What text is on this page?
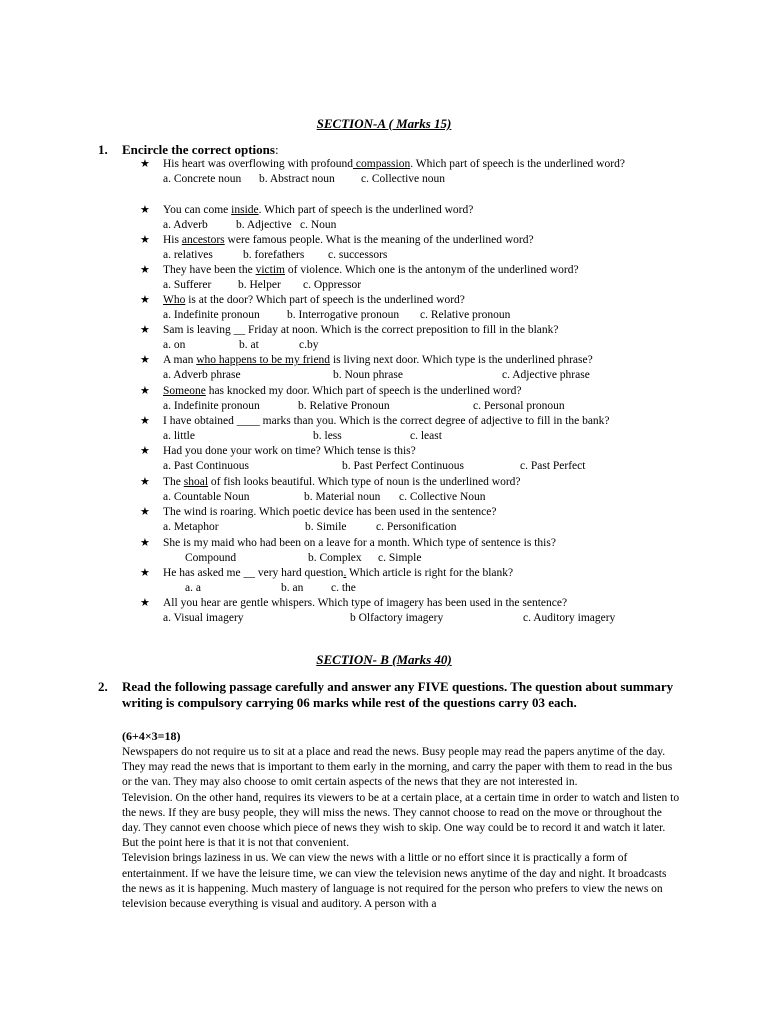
SECTION-A ( Marks 15)
1. Encircle the correct options:
★ His heart was overflowing with profound compassion. Which part of speech is the underlined word?
a. Concrete noun b. Abstract noun c. Collective noun
★ You can come inside. Which part of speech is the underlined word?
a. Adverb b. Adjective c. Noun
★ His ancestors were famous people. What is the meaning of the underlined word?
a. relatives	b. forefathers c. successors
★ They have been the victim of violence. Which one is the antonym of the underlined word?
a. Sufferer b. Helper c. Oppressor
★ Who is at the door? Which part of speech is the underlined word?
a. Indefinite pronoun b. Interrogative pronoun c. Relative pronoun
★ Sam is leaving __ Friday at noon. Which is the correct preposition to fill in the blank?
a. on	b. at	c.by
★ A man who happens to be my friend is living next door. Which type is the underlined phrase?
a. Adverb phrase	b. Noun phrase	c. Adjective phrase
★ Someone has knocked my door. Which part of speech is the underlined word?
a. Indefinite pronoun	b. Relative Pronoun	c. Personal pronoun
★ I have obtained ____ marks than you. Which is the correct degree of adjective to fill in the bank?
a. little	b. less	c. least
★ Had you done your work on time? Which tense is this?
a. Past Continuous	b. Past Perfect Continuous	c. Past Perfect
★ The shoal of fish looks beautiful. Which type of noun is the underlined word?
a. Countable Noun	b. Material noun c. Collective Noun
★ The wind is roaring. Which poetic device has been used in the sentence?
a. Metaphor	b. Simile	c. Personification
★ She is my maid who had been on a leave for a month. Which type of sentence is this?
Compound	b. Complex c. Simple
★ He has asked me __ very hard question. Which article is right for the blank?
a. a	b. an c. the
★ All you hear are gentle whispers. Which type of imagery has been used in the sentence?
a. Visual imagery	b Olfactory imagery	c. Auditory imagery
SECTION- B (Marks 40)
2. Read the following passage carefully and answer any FIVE questions. The question about summary writing is compulsory carrying 06 marks while rest of the questions carry 03 each.
(6+4×3=18)

Newspapers do not require us to sit at a place and read the news. Busy people may read the papers anytime of the day. They may read the news that is important to them early in the morning, and carry the paper with them to read in the bus or the van. They may also choose to omit certain aspects of the news that they are not interested in.

Television. On the other hand, requires its viewers to be at a certain place, at a certain time in order to watch and listen to the news. If they are busy people, they will miss the news. They cannot choose to read on the move or throughout the day. They cannot even choose which piece of news they wish to skip. One way could be to record it and watch it later. But the point here is that it is not that convenient.

Television brings laziness in us. We can view the news with a little or no effort since it is practically a form of entertainment. If we have the leisure time, we can view the television news anytime of the day and night. It broadcasts the news as it is happening. Much mastery of language is not required for the person who prefers to view the news on television because everything is visual and auditory. A person with a
